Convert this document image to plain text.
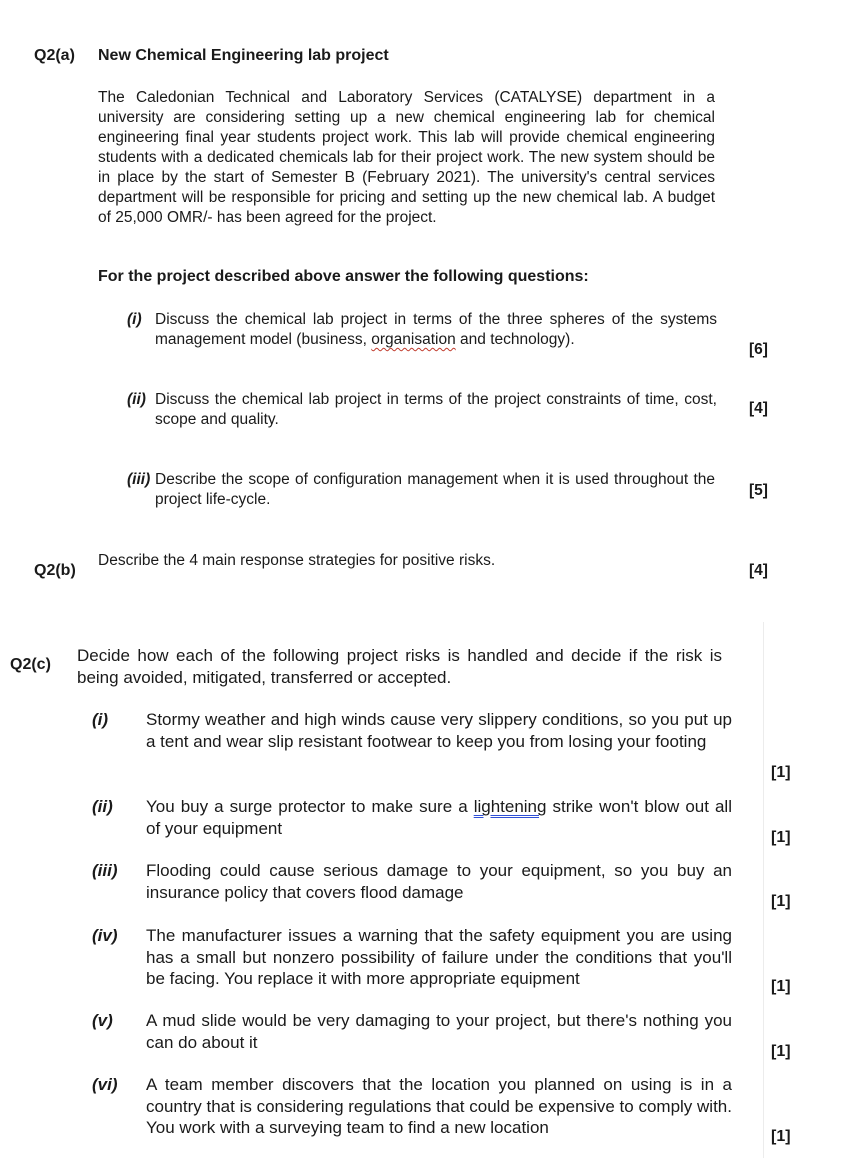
Q2(a) New Chemical Engineering lab project
The Caledonian Technical and Laboratory Services (CATALYSE) department in a university are considering setting up a new chemical engineering lab for chemical engineering final year students project work. This lab will provide chemical engineering students with a dedicated chemicals lab for their project work. The new system should be in place by the start of Semester B (February 2021). The university's central services department will be responsible for pricing and setting up the new chemical lab. A budget of 25,000 OMR/- has been agreed for the project.
For the project described above answer the following questions:
(i) Discuss the chemical lab project in terms of the three spheres of the systems management model (business, organisation and technology).
[6]
(ii) Discuss the chemical lab project in terms of the project constraints of time, cost, scope and quality.
[4]
(iii) Describe the scope of configuration management when it is used throughout the project life-cycle.
[5]
Q2(b)
Describe the 4 main response strategies for positive risks.
[4]
Q2(c) Decide how each of the following project risks is handled and decide if the risk is being avoided, mitigated, transferred or accepted.
(i) Stormy weather and high winds cause very slippery conditions, so you put up a tent and wear slip resistant footwear to keep you from losing your footing
[1]
(ii) You buy a surge protector to make sure a lightening strike won't blow out all of your equipment	[1]
(iii) Flooding could cause serious damage to your equipment, so you buy an insurance policy that covers flood damage	[1]
(iv) The manufacturer issues a warning that the safety equipment you are using has a small but nonzero possibility of failure under the conditions that you'll be facing. You replace it with more appropriate equipment	[1]
(v) A mud slide would be very damaging to your project, but there's nothing you can do about it	[1]
(vi) A team member discovers that the location you planned on using is in a country that is considering regulations that could be expensive to comply with. You work with a surveying team to find a new location	[1]
